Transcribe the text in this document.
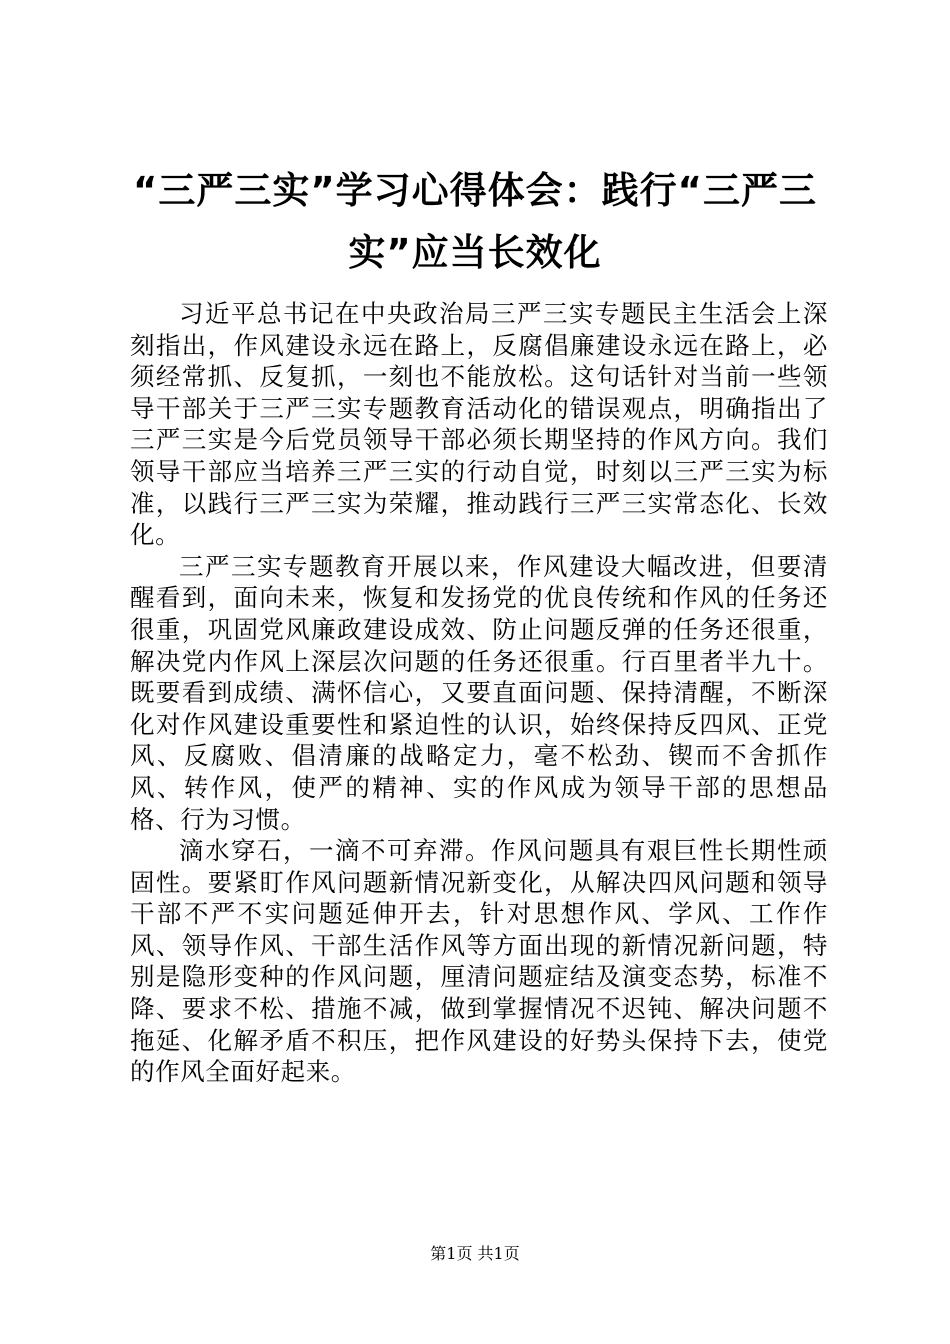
“三严三实”学习心得体会：践行“三严三实”应当长效化

习近平总书记在中央政治局三严三实专题民主生活会上深刻指出，作风建设永远在路上，反腐倡廉建设永远在路上，必须经常抓、反复抓，一刻也不能放松。这句话针对当前一些领导干部关于三严三实专题教育活动化的错误观点，明确指出了三严三实是今后党员领导干部必须长期坚持的作风方向。我们领导干部应当培养三严三实的行动自觉，时刻以三严三实为标准，以践行三严三实为荣耀，推动践行三严三实常态化、长效化。

三严三实专题教育开展以来，作风建设大幅改进，但要清醒看到，面向未来，恢复和发扬党的优良传统和作风的任务还很重，巩固党风廉政建设成效、防止问题反弹的任务还很重，解决党内作风上深层次问题的任务还很重。行百里者半九十。既要看到成绩、满怀信心，又要直面问题、保持清醒，不断深化对作风建设重要性和紧迫性的认识，始终保持反四风、正党风、反腐败、倡清廉的战略定力，毫不松劲、锲而不舍抓作风、转作风，使严的精神、实的作风成为领导干部的思想品格、行为习惯。

滴水穿石，一滴不可弃滞。作风问题具有艰巨性长期性顽固性。要紧盯作风问题新情况新变化，从解决四风问题和领导干部不严不实问题延伸开去，针对思想作风、学风、工作作风、领导作风、干部生活作风等方面出现的新情况新问题，特别是隐形变种的作风问题，厘清问题症结及演变态势，标准不降、要求不松、措施不减，做到掌握情况不迟钝、解决问题不拖延、化解矛盾不积压，把作风建设的好势头保持下去，使党的作风全面好起来。

第1页 共1页
